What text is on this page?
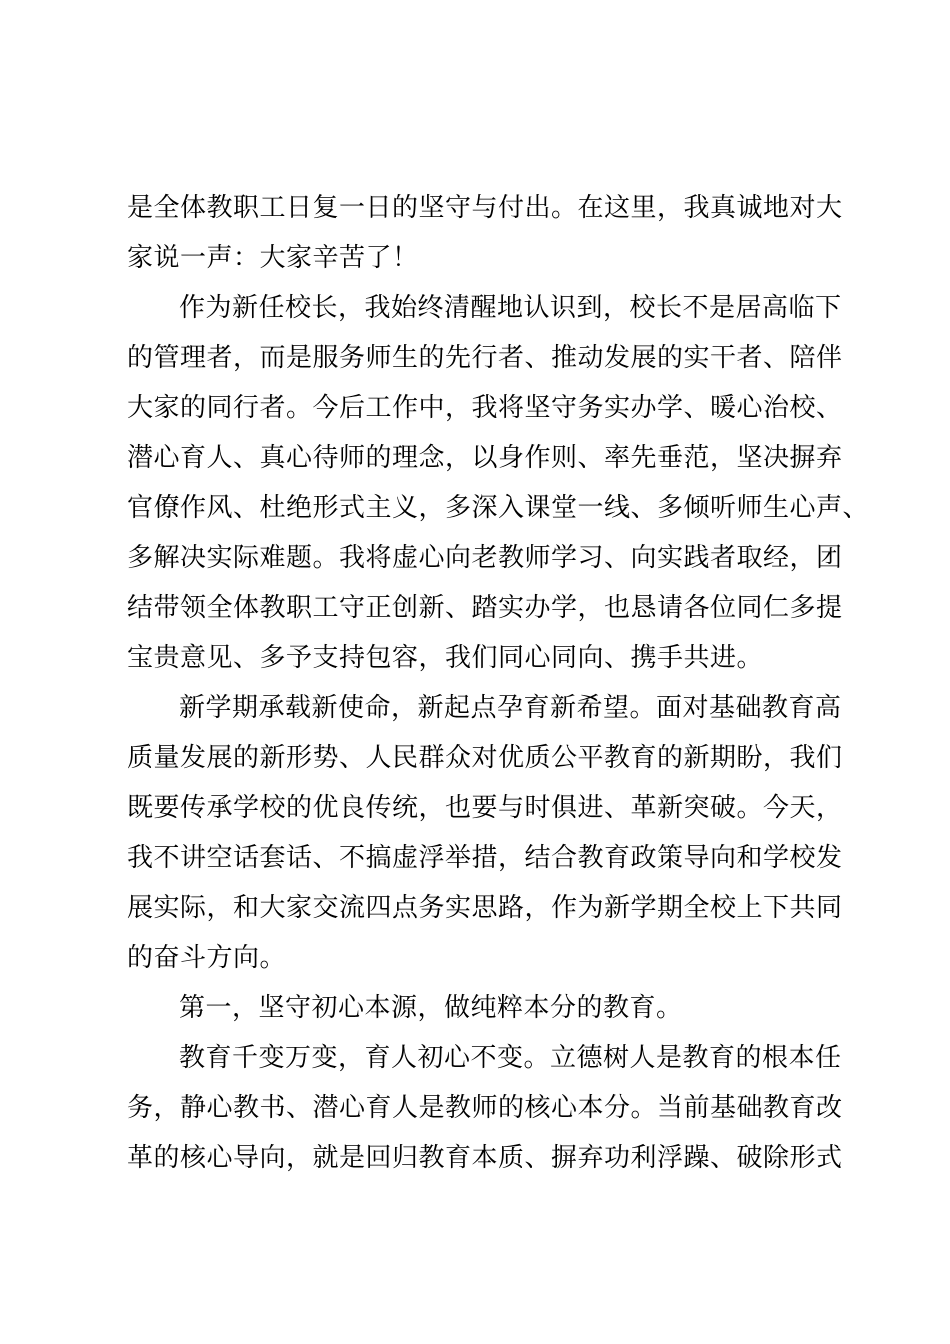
是全体教职工日复一日的坚守与付出。在这里，我真诚地对大
家说一声：大家辛苦了！
作为新任校长，我始终清醒地认识到，校长不是居高临下
的管理者，而是服务师生的先行者、推动发展的实干者、陪伴
大家的同行者。今后工作中，我将坚守务实办学、暖心治校、
潜心育人、真心待师的理念，以身作则、率先垂范，坚决摒弃
官僚作风、杜绝形式主义，多深入课堂一线、多倾听师生心声、
多解决实际难题。我将虚心向老教师学习、向实践者取经，团
结带领全体教职工守正创新、踏实办学，也恳请各位同仁多提
宝贵意见、多予支持包容，我们同心同向、携手共进。
新学期承载新使命，新起点孕育新希望。面对基础教育高
质量发展的新形势、人民群众对优质公平教育的新期盼，我们
既要传承学校的优良传统，也要与时俱进、革新突破。今天，
我不讲空话套话、不搞虚浮举措，结合教育政策导向和学校发
展实际，和大家交流四点务实思路，作为新学期全校上下共同
的奋斗方向。
第一，坚守初心本源，做纯粹本分的教育。
教育千变万变，育人初心不变。立德树人是教育的根本任
务，静心教书、潜心育人是教师的核心本分。当前基础教育改
革的核心导向，就是回归教育本质、摒弃功利浮躁、破除形式
